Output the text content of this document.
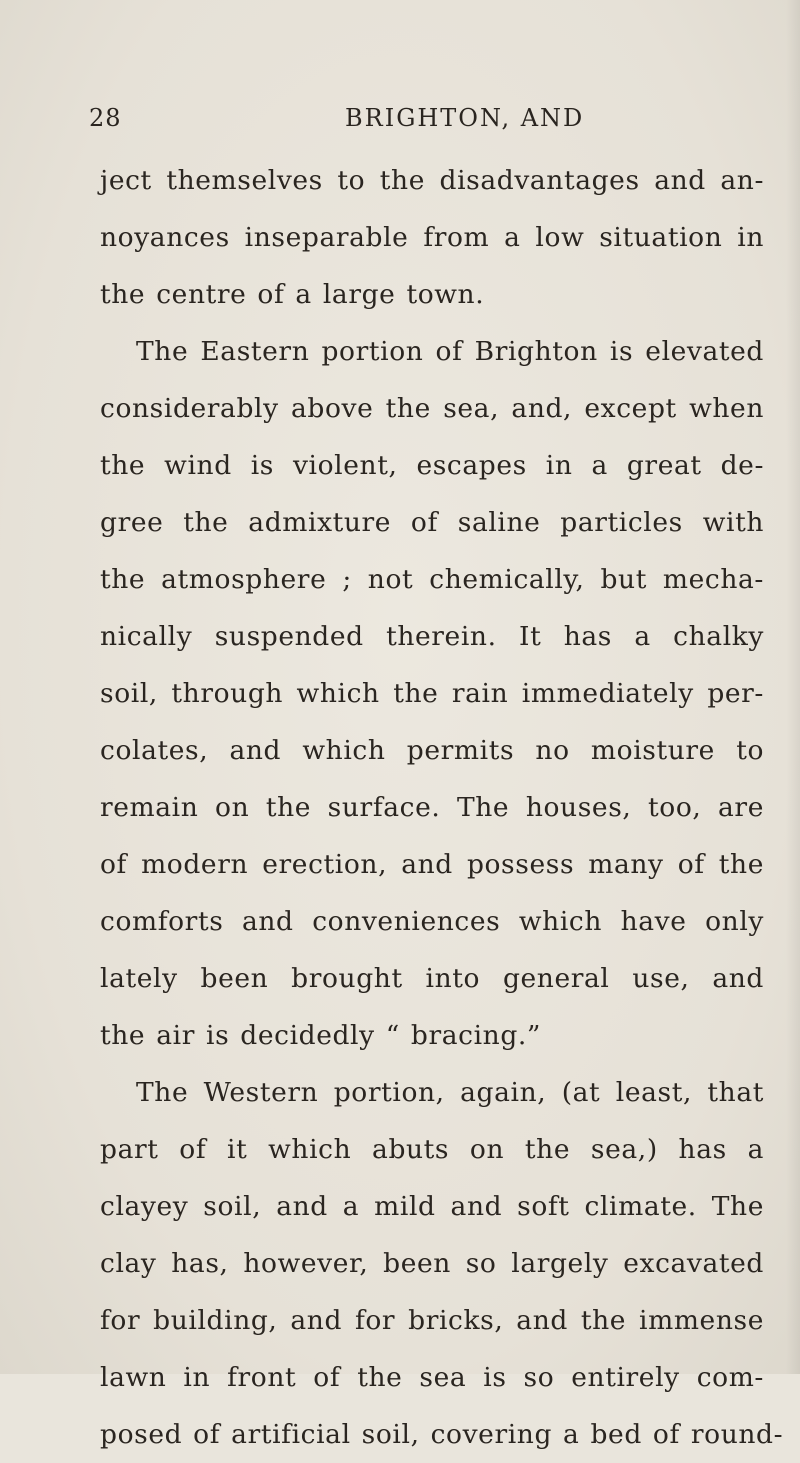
28	BRIGHTON, AND
ject themselves to the disadvantages and an-
noyances inseparable from a low situation in
the centre of a large town.
The Eastern portion of Brighton is elevated
considerably above the sea, and, except when
the wind is violent, escapes in a great de-
gree the admixture of saline particles with
the atmosphere ; not chemically, but mecha-
nically suspended therein. It has a chalky
soil, through which the rain immediately per-
colates, and which permits no moisture to
remain on the surface. The houses, too, are
of modern erection, and possess many of the
comforts and conveniences which have only
lately been brought into general use, and
the air is decidedly “ bracing.”
The Western portion, again, (at least, that
part of it which abuts on the sea,) has a
clayey soil, and a mild and soft climate. The
clay has, however, been so largely excavated
for building, and for bricks, and the immense
lawn in front of the sea is so entirely com-
posed of artificial soil, covering a bed of round-
